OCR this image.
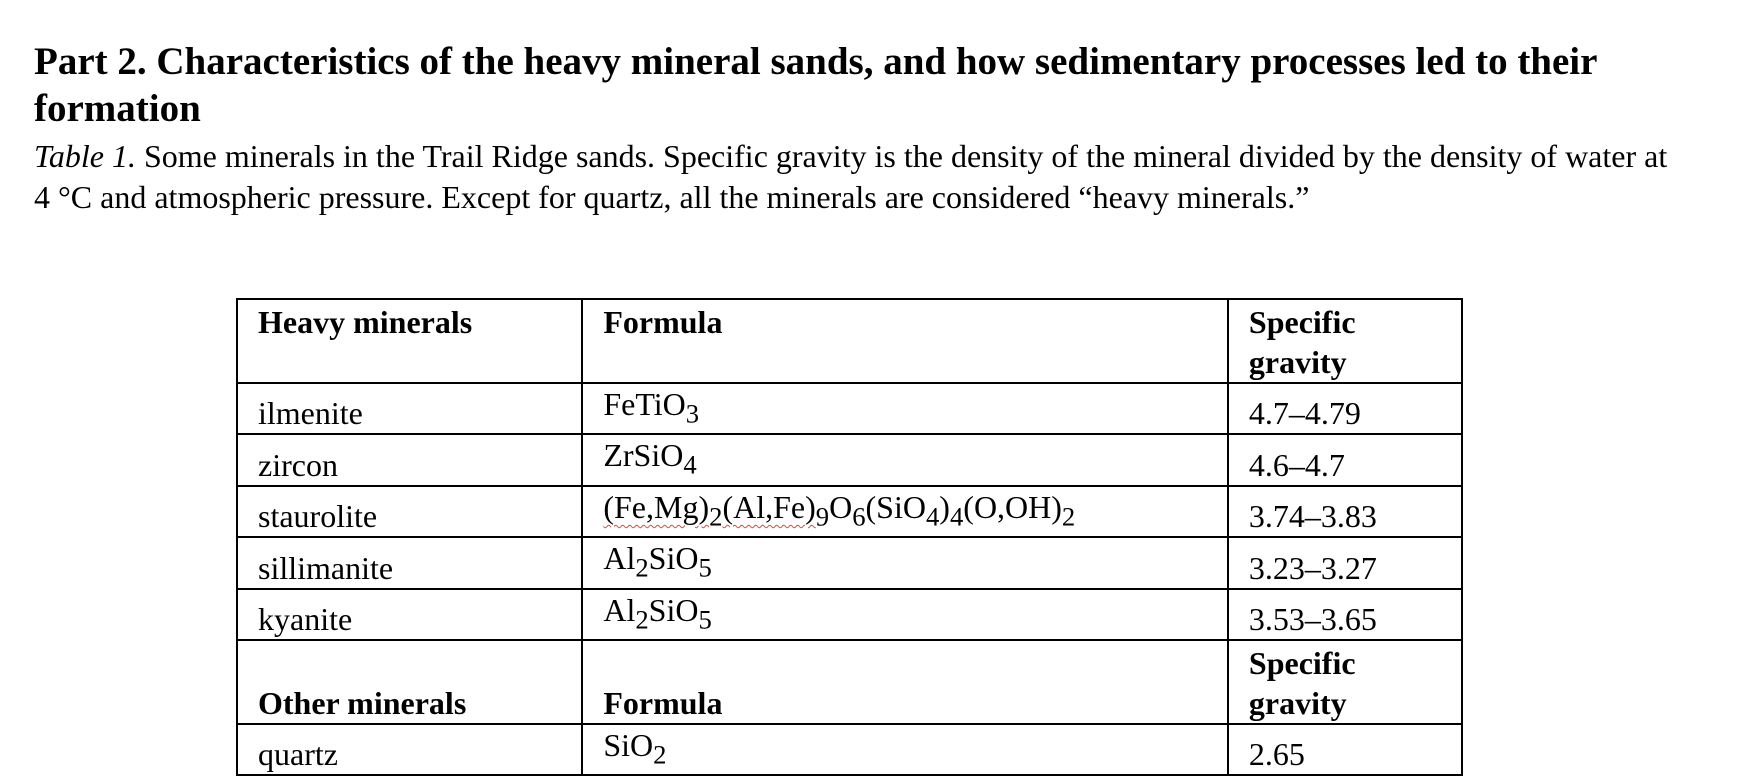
Part 2. Characteristics of the heavy mineral sands, and how sedimentary processes led to their formation

Table 1. Some minerals in the Trail Ridge sands. Specific gravity is the density of the mineral divided by the density of water at 4 °C and atmospheric pressure. Except for quartz, all the minerals are considered “heavy minerals.”

Heavy minerals	Formula	Specific gravity
ilmenite	FeTiO$_3$	4.7–4.79
zircon	ZrSiO$_4$	4.6–4.7
staurolite	$(Fe,Mg)_2(Al,Fe)_9O_6(SiO_4)_4(O,OH)_2$	3.74–3.83
sillimanite	$Al_2SiO_5$	3.23–3.27
kyanite	$Al_2SiO_5$	3.53–3.65
Other minerals	Formula	Specific gravity
quartz	SiO$_2$	2.65
